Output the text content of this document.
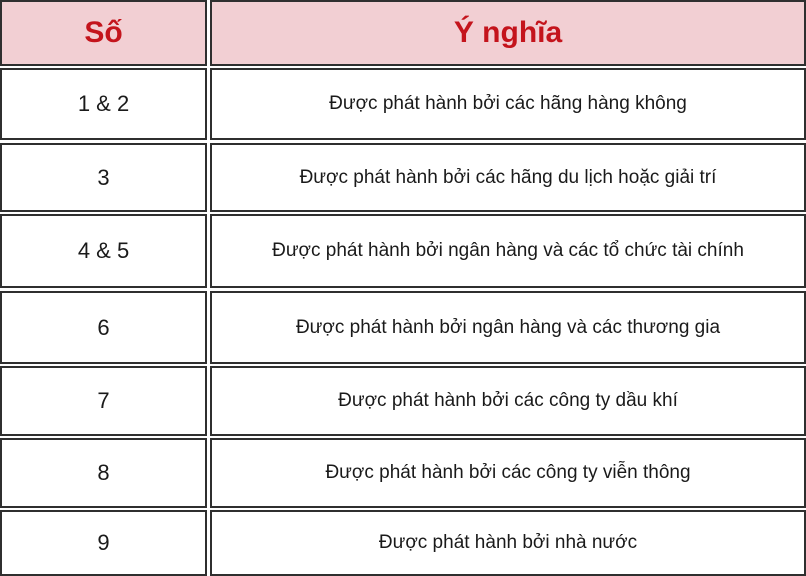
Số	Ý nghĩa
1 & 2	Được phát hành bởi các hãng hàng không
3	Được phát hành bởi các hãng du lịch hoặc giải trí
4 & 5	Được phát hành bởi ngân hàng và các tổ chức tài chính
6	Được phát hành bởi ngân hàng và các thương gia
7	Được phát hành bởi các công ty dầu khí
8	Được phát hành bởi các công ty viễn thông
9	Được phát hành bởi nhà nước
